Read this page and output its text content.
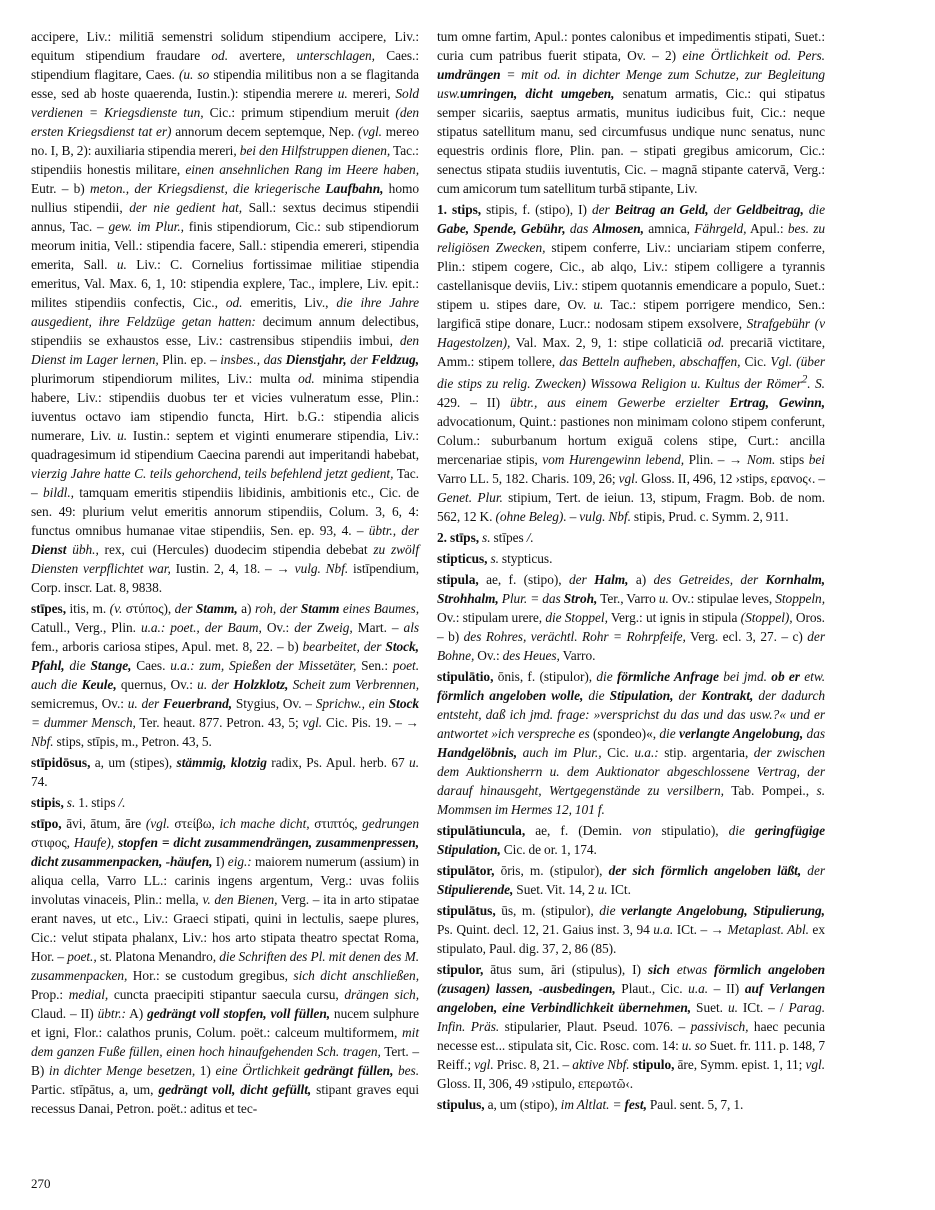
accipere, Liv.: militiā semenstri solidum stipendium accipere, Liv.: equitum stipendium fraudare od. avertere, unterschlagen, Caes.: stipendium flagitare, Caes. (u. so stipendia militibus non a se flagitanda esse, sed ab hoste quaerenda, Iustin.): stipendia merere u. mereri, Sold verdienen = Kriegsdienste tun, Cic.: primum stipendium meruit (den ersten Kriegsdienst tat er) annorum decem septemque, Nep. (vgl. mereo no. I, B, 2): auxiliaria stipendia mereri, bei den Hilfstruppen dienen, Tac.: stipendiis honestis militare, einen ansehnlichen Rang im Heere haben, Eutr. – b) meton., der Kriegsdienst, die kriegerische Laufbahn, homo nullius stipendii, der nie gedient hat, Sall.: sextus decimus stipendii annus, Tac. – gew. im Plur., finis stipendiorum, Cic.: sub stipendiorum meorum initia, Vell.: stipendia facere, Sall.: stipendia emereri, stipendia emerita, Sall. u. Liv.: C. Cornelius fortissimae militiae stipendia emeritus, Val. Max. 6, 1, 10: stipendia explere, Tac., implere, Liv. epit.: milites stipendiis confectis, Cic., od. emeritis, Liv., die ihre Jahre ausgedient, ihre Feldzüge getan hatten: decimum annum delectibus, stipendiis se exhaustos esse, Liv.: castrensibus stipendiis imbui, den Dienst im Lager lernen, Plin. ep. – insbes., das Dienstjahr, der Feldzug, plurimorum stipendiorum milites, Liv.: multa od. minima stipendia habere, Liv.: stipendiis duobus ter et vicies vulneratum esse, Plin.: iuventus octavo iam stipendio functa, Hirt. b.G.: stipendia alicis numerare, Liv. u. Iustin.: septem et viginti enumerare stipendia, Liv.: quadragesimum id stipendium Caecina parendi aut imperitandi habebat, vierzig Jahre hatte C. teils gehorchend, teils befehlend jetzt gedient, Tac. – bildl., tamquam emeritis stipendiis libidinis, ambitionis etc., Cic. de sen. 49: plurium velut emeritis annorum stipendiis, Colum. 3, 6, 4: functus omnibus humanae vitae stipendiis, Sen. ep. 93, 4. – übtr., der Dienst übh., rex, cui (Hercules) duodecim stipendia debebat zu zwölf Diensten verpflichtet war, Iustin. 2, 4, 18. – → vulg. Nbf. istīpendium, Corp. inscr. Lat. 8, 9838.

stīpes, itis, m. (v. στύπος), der Stamm, a) roh, der Stamm eines Baumes, Catull., Verg., Plin. u.a.: poet., der Baum, Ov.: der Zweig, Mart. – als fem., arboris cariosa stipes, Apul. met. 8, 22. – b) bearbeitet, der Stock, Pfahl, die Stange, Caes. u.a.: zum, Spießen der Missetäter, Sen.: poet. auch die Keule, quernus, Ov.: u. der Holzklotz, Scheit zum Verbrennen, semicremus, Ov.: u. der Feuerbrand, Stygius, Ov. – Sprichw., ein Stock = dummer Mensch, Ter. heaut. 877. Petron. 43, 5; vgl. Cic. Pis. 19. – → Nbf. stips, stīpis, m., Petron. 43, 5.

stīpidōsus, a, um (stipes), stämmig, klotzig radix, Ps. Apul. herb. 67 u. 74.

stipis, s. 1. stips /.

stīpo, āvi, ātum, āre (vgl. στείβω, ich mache dicht, στιπτός, gedrungen στιφος, Haufe), stopfen = dicht zusammendrängen, zusammenpressen, dicht zusammenpacken, -häufen, I) eig.: maiorem numerum (assium) in aliqua cella, Varro LL.: carinis ingens argentum, Verg.: uvas foliis involutas vinaceis, Plin.: mella, v. den Bienen, Verg. – ita in arto stipatae erant naves, ut etc., Liv.: Graeci stipati, quini in lectulis, saepe plures, Cic.: velut stipata phalanx, Liv.: hos arto stipata theatro spectat Roma, Hor. – poet., st. Platona Menandro, die Schriften des Pl. mit denen des M. zusammenpacken, Hor.: se custodum gregibus, sich dicht anschließen, Prop.: medial, cuncta praecipiti stipantur saecula cursu, drängen sich, Claud. – II) übtr.: A) gedrängt voll stopfen, voll füllen, nucem sulphure et igni, Flor.: calathos prunis, Colum. poët.: calceum multiformem, mit dem ganzen Fuße füllen, einen hoch hinaufgehenden Sch. tragen, Tert. – B) in dichter Menge besetzen, 1) eine Örtlichkeit gedrängt füllen, bes. Partic. stīpātus, a, um, gedrängt voll, dicht gefüllt, stipant graves equi recessus Danai, Petron. poët.: aditus et tec-

tum omne fartim, Apul.: pontes calonibus et impedimentis stipati, Suet.: curia cum patribus fuerit stipata, Ov. – 2) eine Örtlichkeit od. Pers. umdrängen = mit od. in dichter Menge zum Schutze, zur Begleitung usw.umringen, dicht umgeben, senatum armatis, Cic.: qui stipatus semper sicariis, saeptus armatis, munitus iudicibus fuit, Cic.: neque stipatus satellitum manu, sed circumfusus undique nunc senatus, nunc equestris ordinis flore, Plin. pan. – stipati gregibus amicorum, Cic.: senectus stipata studiis iuventutis, Cic. – magnā stipante catervā, Verg.: cum amicorum tum satellitum turbā stipante, Liv.

1. stips, stipis, f. (stipo), I) der Beitrag an Geld, der Geldbeitrag, die Gabe, Spende, Gebühr, das Almosen, amnica, Fährgeld, Apul.: bes. zu religiösen Zwecken, stipem conferre, Liv.: unciariam stipem conferre, Plin.: stipem cogere, Cic., ab alqo, Liv.: stipem colligere a tyrannis castellanisque deviis, Liv.: stipem quotannis emendicare a populo, Suet.: stipem u. stipes dare, Ov. u. Tac.: stipem porrigere mendico, Sen.: largificā stipe donare, Lucr.: nodosam stipem exsolvere, Strafgebühr (v Hagestolzen), Val. Max. 2, 9, 1: stipe collaticiā od. precariā victitare, Amm.: stipem tollere, das Betteln aufheben, abschaffen, Cic. Vgl. (über die stips zu relig. Zwecken) Wissowa Religion u. Kultus der Römer$^2$. S. 429. – II) übtr., aus einem Gewerbe erzielter Ertrag, Gewinn, advocationum, Quint.: pastiones non minimam colono stipem conferunt, Colum.: suburbanum hortum exiguā colens stipe, Curt.: ancilla mercenariae stipis, vom Hurengewinn lebend, Plin. – → Nom. stips bei Varro LL. 5, 182. Charis. 109, 26; vgl. Gloss. II, 496, 12 ›stips, ερανος‹. – Genet. Plur. stipium, Tert. de ieiun. 13, stipum, Fragm. Bob. de nom. 562, 12 K. (ohne Beleg). – vulg. Nbf. stipis, Prud. c. Symm. 2, 911.

2. stīps, s. stīpes /.

stipticus, s. stypticus.

stipula, ae, f. (stipo), der Halm, a) des Getreides, der Kornhalm, Strohhalm, Plur. = das Stroh, Ter., Varro u. Ov.: stipulae leves, Stoppeln, Ov.: stipulam urere, die Stoppel, Verg.: ut ignis in stipula (Stoppel), Oros. – b) des Rohres, verächtl. Rohr = Rohrpfeife, Verg. ecl. 3, 27. – c) der Bohne, Ov.: des Heues, Varro.

stipulātio, ōnis, f. (stipulor), die förmliche Anfrage bei jmd. ob er etw. förmlich angeloben wolle, die Stipulation, der Kontrakt, der dadurch entsteht, daß ich jmd. frage: »versprichst du das und das usw.?« und er antwortet »ich verspreche es (spondeo)«, die verlangte Angelobung, das Handgelöbnis, auch im Plur., Cic. u.a.: stip. argentaria, der zwischen dem Auktionsherrn u. dem Auktionator abgeschlossene Vertrag, der darauf hinausgeht, Wertgegenstände zu versilbern, Tab. Pompei., s. Mommsen im Hermes 12, 101 f.

stipulātiuncula, ae, f. (Demin. von stipulatio), die geringfügige Stipulation, Cic. de or. 1, 174.

stipulātor, ōris, m. (stipulor), der sich förmlich angeloben läßt, der Stipulierende, Suet. Vit. 14, 2 u. ICt.

stipulātus, ūs, m. (stipulor), die verlangte Angelobung, Stipulierung, Ps. Quint. decl. 12, 21. Gaius inst. 3, 94 u.a. ICt. – → Metaplast. Abl. ex stipulato, Paul. dig. 37, 2, 86 (85).

stipulor, ātus sum, āri (stipulus), I) sich etwas förmlich angeloben (zusagen) lassen, -ausbedingen, Plaut., Cic. u.a. – II) auf Verlangen angeloben, eine Verbindlichkeit übernehmen, Suet. u. ICt. – / Parag. Infin. Präs. stipularier, Plaut. Pseud. 1076. – passivisch, haec pecunia necesse est... stipulata sit, Cic. Rosc. com. 14: u. so Suet. fr. 111. p. 148, 7 Reiff.; vgl. Prisc. 8, 21. – aktive Nbf. stipulo, āre, Symm. epist. 1, 11; vgl. Gloss. II, 306, 49 ›stipulo, επερωτῶ‹.

stipulus, a, um (stipo), im Altlat. = fest, Paul. sent. 5, 7, 1.

270
